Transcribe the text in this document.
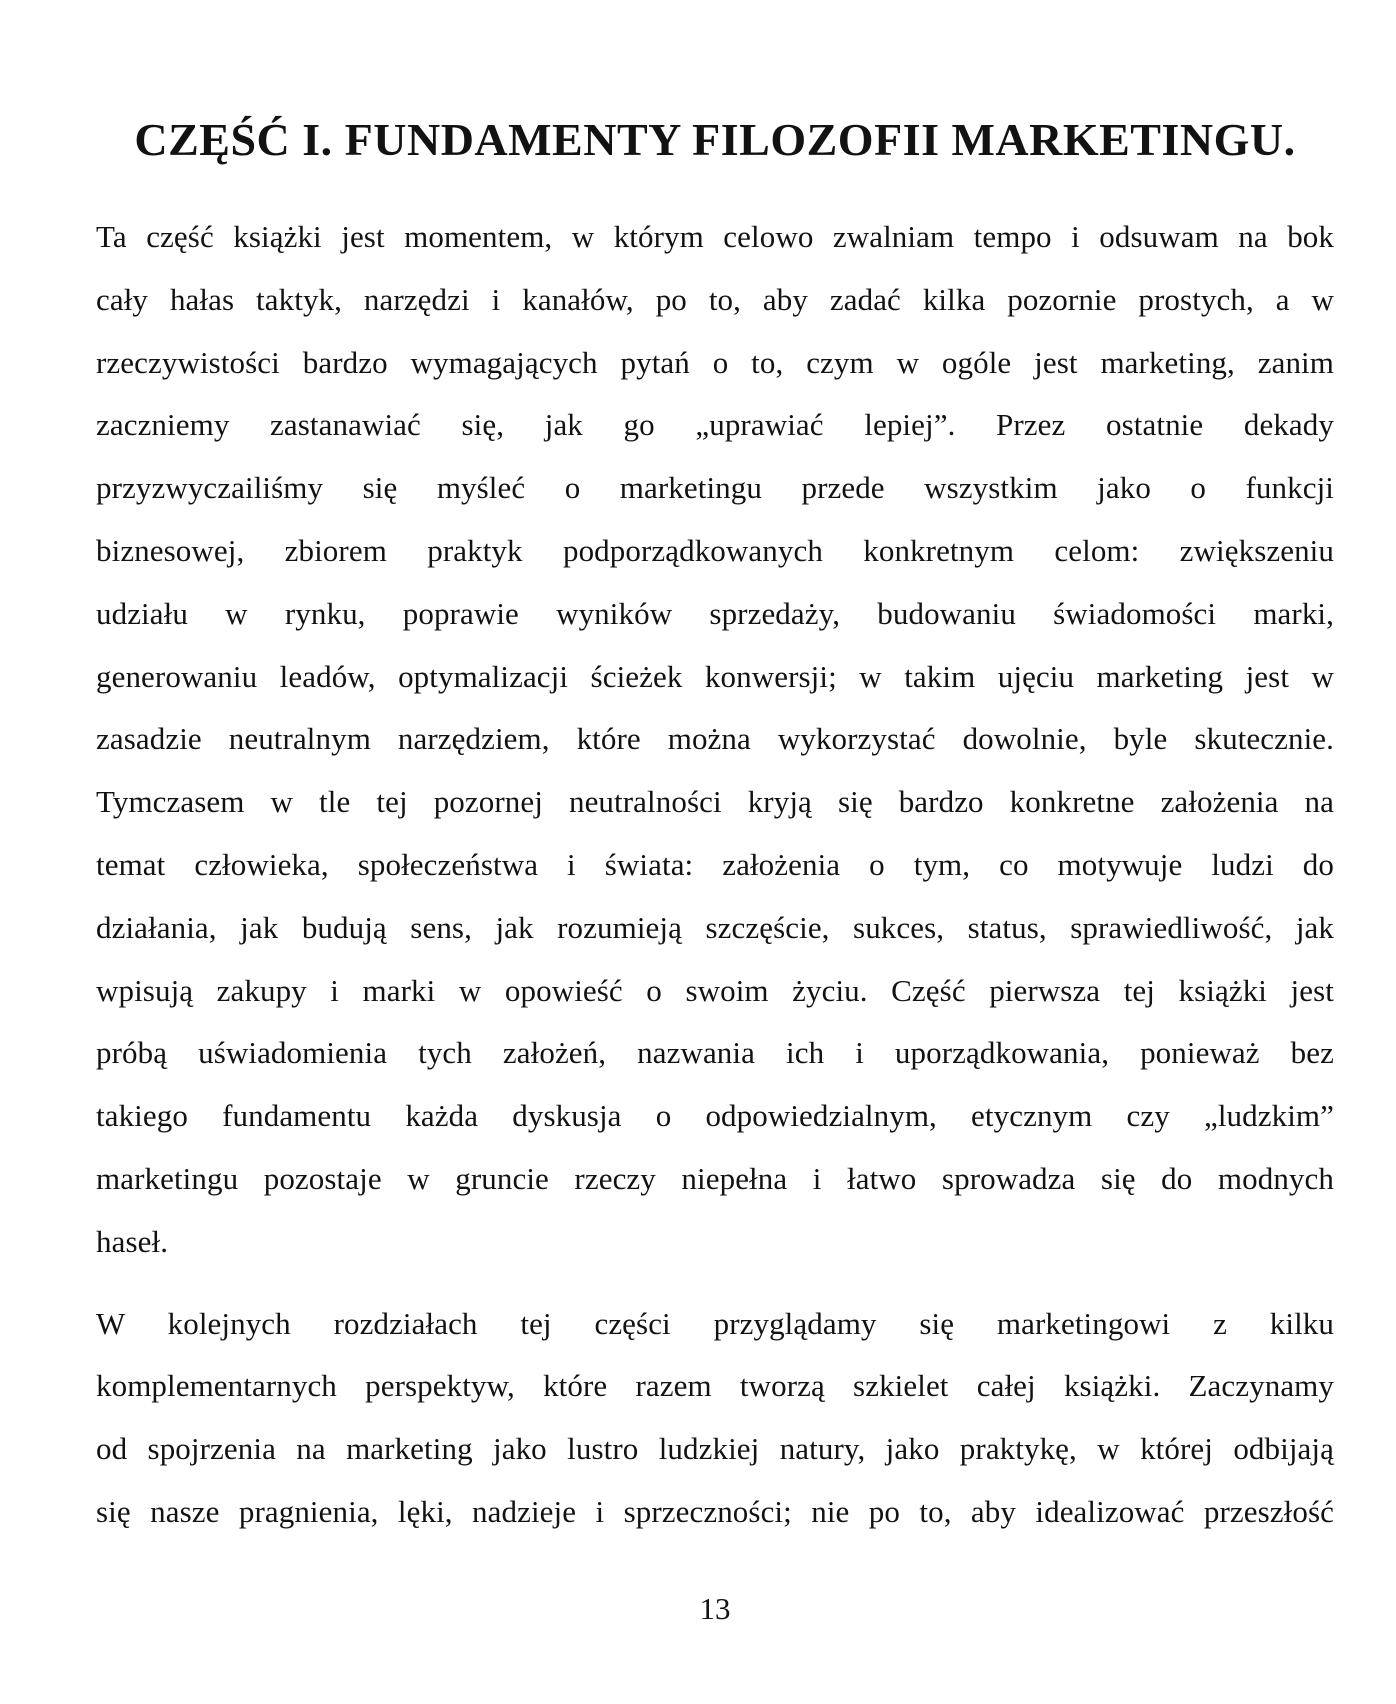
CZĘŚĆ I. FUNDAMENTY FILOZOFII MARKETINGU.
Ta część książki jest momentem, w którym celowo zwalniam tempo i odsuwam na bok
cały hałas taktyk, narzędzi i kanałów, po to, aby zadać kilka pozornie prostych, a w
rzeczywistości bardzo wymagających pytań o to, czym w ogóle jest marketing, zanim
zaczniemy zastanawiać się, jak go „uprawiać lepiej”. Przez ostatnie dekady
przyzwyczailiśmy się myśleć o marketingu przede wszystkim jako o funkcji
biznesowej, zbiorem praktyk podporządkowanych konkretnym celom: zwiększeniu
udziału w rynku, poprawie wyników sprzedaży, budowaniu świadomości marki,
generowaniu leadów, optymalizacji ścieżek konwersji; w takim ujęciu marketing jest w
zasadzie neutralnym narzędziem, które można wykorzystać dowolnie, byle skutecznie.
Tymczasem w tle tej pozornej neutralności kryją się bardzo konkretne założenia na
temat człowieka, społeczeństwa i świata: założenia o tym, co motywuje ludzi do
działania, jak budują sens, jak rozumieją szczęście, sukces, status, sprawiedliwość, jak
wpisują zakupy i marki w opowieść o swoim życiu. Część pierwsza tej książki jest
próbą uświadomienia tych założeń, nazwania ich i uporządkowania, ponieważ bez
takiego fundamentu każda dyskusja o odpowiedzialnym, etycznym czy „ludzkim”
marketingu pozostaje w gruncie rzeczy niepełna i łatwo sprowadza się do modnych
haseł.
W kolejnych rozdziałach tej części przyglądamy się marketingowi z kilku
komplementarnych perspektyw, które razem tworzą szkielet całej książki. Zaczynamy
od spojrzenia na marketing jako lustro ludzkiej natury, jako praktykę, w której odbijają
się nasze pragnienia, lęki, nadzieje i sprzeczności; nie po to, aby idealizować przeszłość
13
